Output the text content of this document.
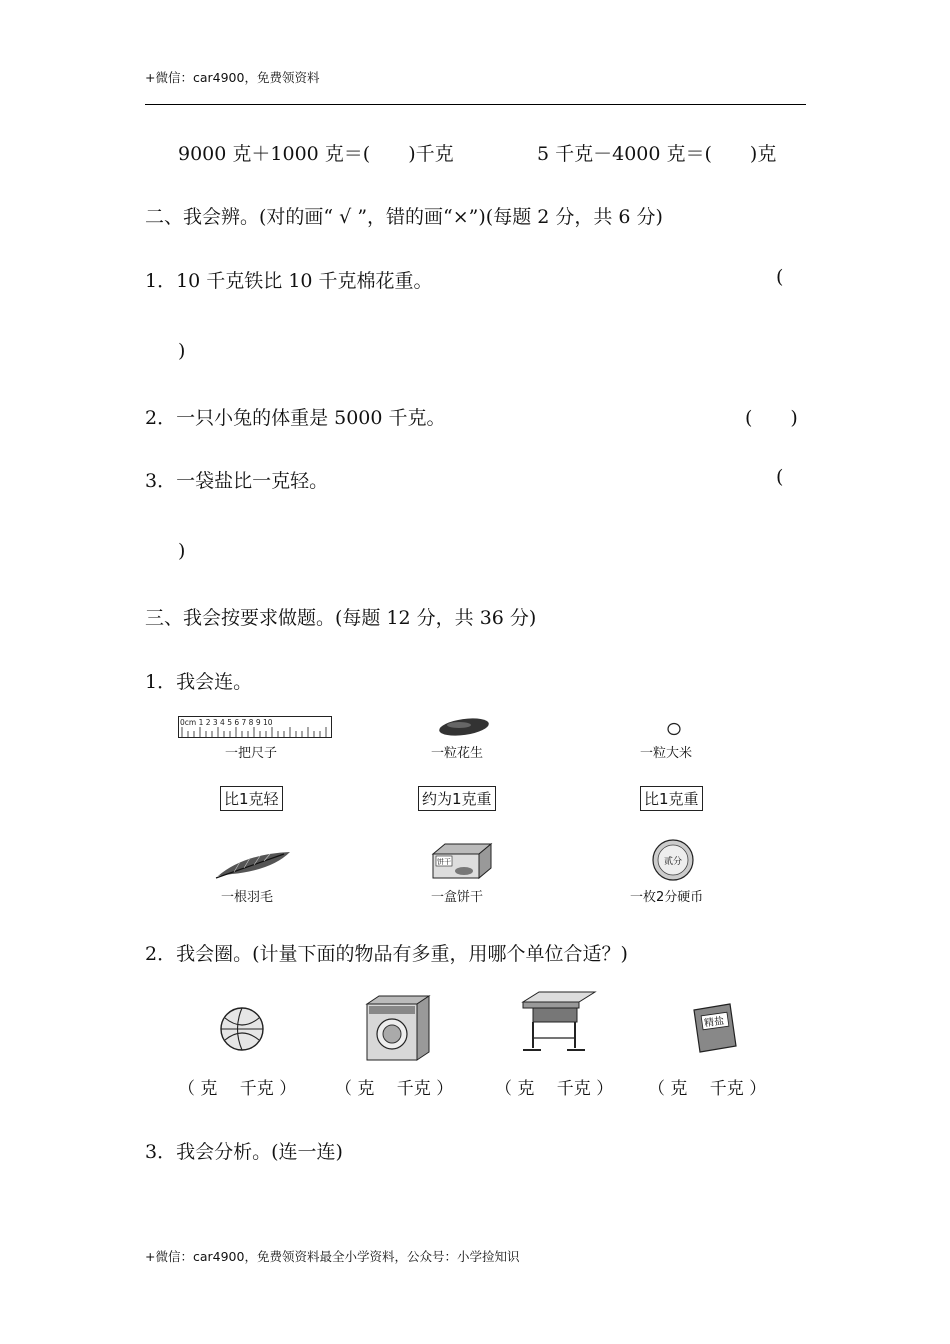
+微信：car4900，免费领资料
9000 克＋1000 克＝(　　)千克	5 千克－4000 克＝(　　)克
二、我会辨。(对的画“ √ ”，错的画“×”)(每题 2 分，共 6 分)
1．10 千克铁比 10 千克棉花重。	(
)
2．一只小兔的体重是 5000 千克。	(　　)
3．一袋盐比一克轻。	(
)
三、我会按要求做题。(每题 12 分，共 36 分)
1．我会连。
0cm 1 2 3 4 5 6 7 8 9 10
一把尺子	一粒花生	一粒大米
比1克轻	约为1克重	比1克重
一根羽毛
饼干
一盒饼干
贰分
一枚2分硬币
2．我会圈。(计量下面的物品有多重，用哪个单位合适？)
精盐
（ 克　 千克 ） （ 克　 千克 ） （ 克　 千克 ） （ 克　 千克 ）
3．我会分析。(连一连)
+微信：car4900，免费领资料最全小学资料，公众号：小学捡知识
